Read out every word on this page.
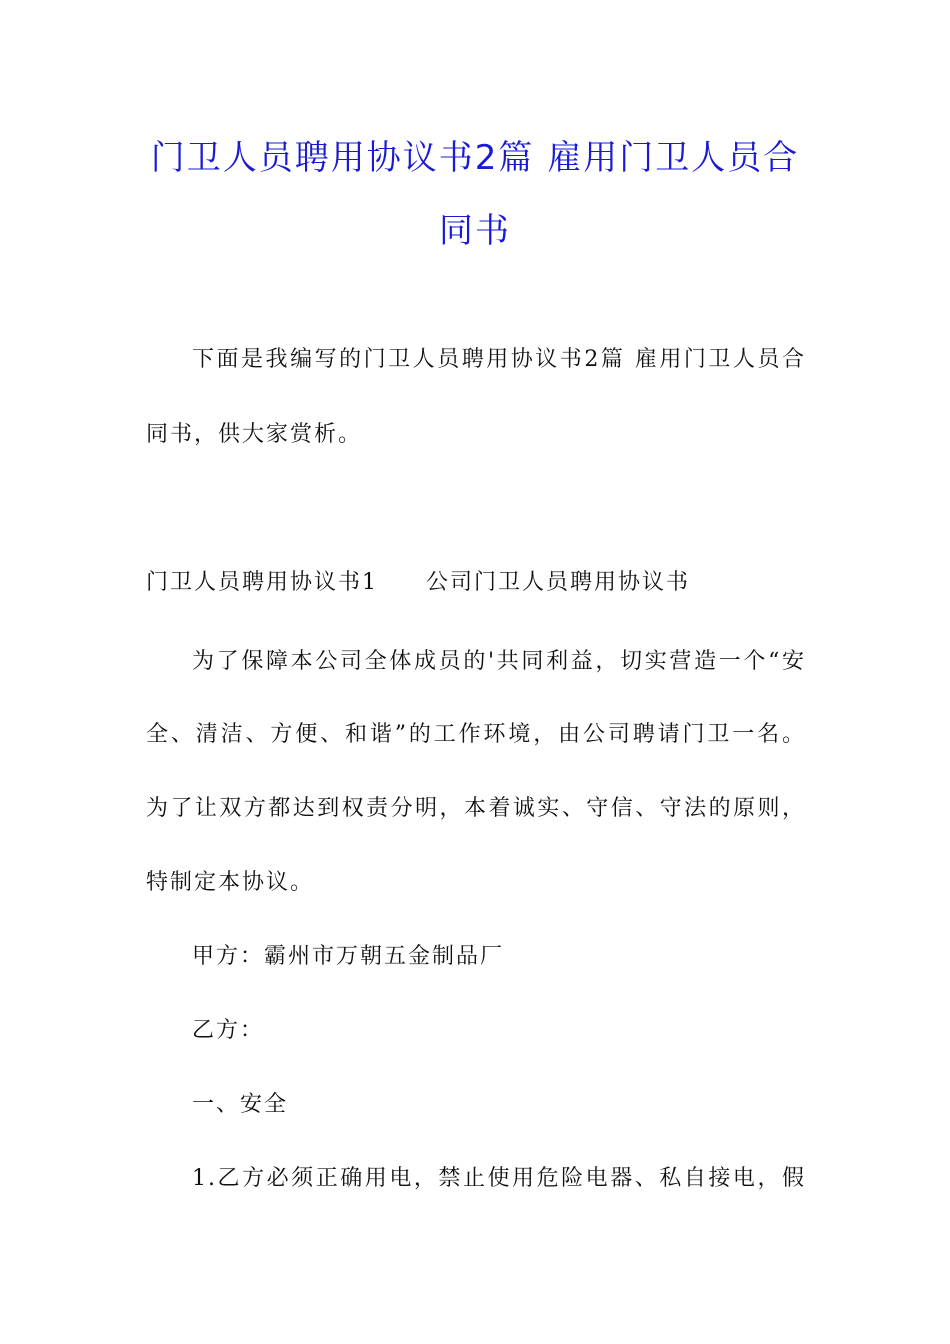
门卫人员聘用协议书2篇 雇用门卫人员合
同书
下面是我编写的门卫人员聘用协议书2篇 雇用门卫人员合
同书，供大家赏析。
门卫人员聘用协议书1 公司门卫人员聘用协议书
为了保障本公司全体成员的'共同利益，切实营造一个“安
全、清洁、方便、和谐”的工作环境，由公司聘请门卫一名。
为了让双方都达到权责分明，本着诚实、守信、守法的原则，
特制定本协议。
甲方：霸州市万朝五金制品厂
乙方：
一、安全
1.乙方必须正确用电，禁止使用危险电器、私自接电，假
